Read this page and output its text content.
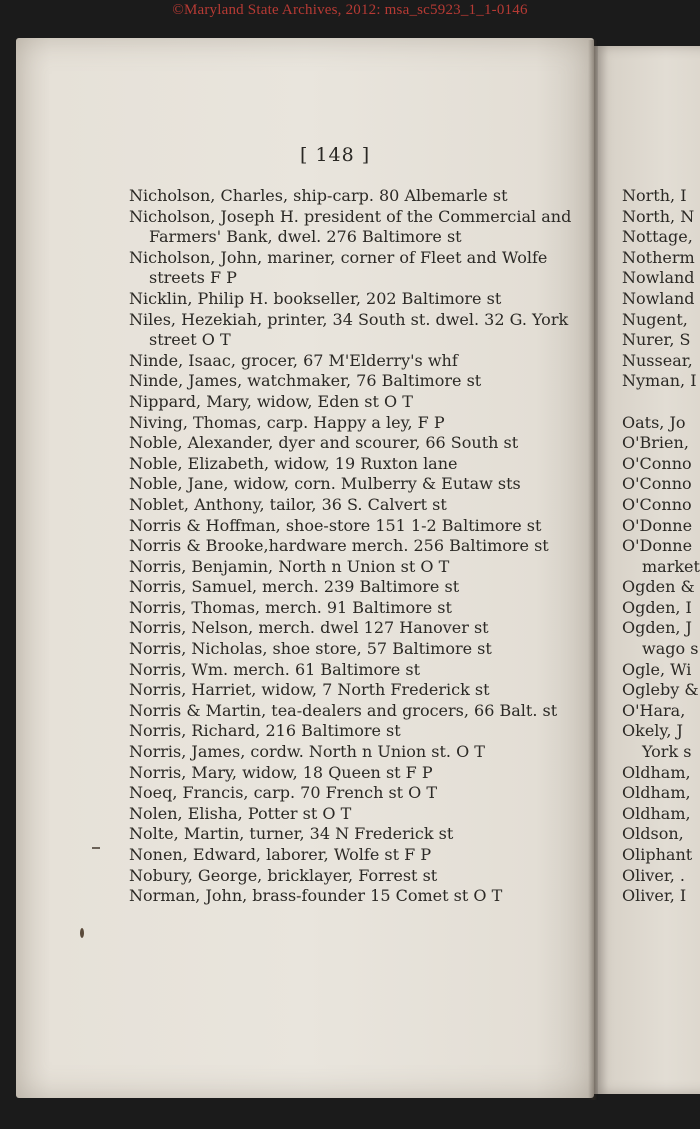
©Maryland State Archives, 2012: msa_sc5923_1_1-0146
[ 148 ]

Nicholson, Charles, ship-carp. 80 Albemarle st

Nicholson, Joseph H. president of the Commercial and Farmers' Bank, dwel. 276 Baltimore st

Nicholson, John, mariner, corner of Fleet and Wolfe streets F P

Nicklin, Philip H. bookseller, 202 Baltimore st

Niles, Hezekiah, printer, 34 South st. dwel. 32 G. York street O T

Ninde, Isaac, grocer, 67 M'Elderry's whf

Ninde, James, watchmaker, 76 Baltimore st

Nippard, Mary, widow, Eden st O T

Niving, Thomas, carp. Happy a ley, F P

Noble, Alexander, dyer and scourer, 66 South st

Noble, Elizabeth, widow, 19 Ruxton lane

Noble, Jane, widow, corn. Mulberry & Eutaw sts

Noblet, Anthony, tailor, 36 S. Calvert st

Norris & Hoffman, shoe-store 151 1-2 Baltimore st

Norris & Brooke,hardware merch. 256 Baltimore st

Norris, Benjamin, North n Union st O T

Norris, Samuel, merch. 239 Baltimore st

Norris, Thomas, merch. 91 Baltimore st

Norris, Nelson, merch. dwel 127 Hanover st

Norris, Nicholas, shoe store, 57 Baltimore st

Norris, Wm. merch. 61 Baltimore st

Norris, Harriet, widow, 7 North Frederick st

Norris & Martin, tea-dealers and grocers, 66 Balt. st

Norris, Richard, 216 Baltimore st

Norris, James, cordw. North n Union st. O T

Norris, Mary, widow, 18 Queen st F P

Noeq, Francis, carp. 70 French st O T

Nolen, Elisha, Potter st O T

Nolte, Martin, turner, 34 N Frederick st

Nonen, Edward, laborer, Wolfe st F P

Nobury, George, bricklayer, Forrest st

Norman, John, brass-founder 15 Comet st O T

North, I
North, N
Nottage,
Notherm
Nowland
Nowland
Nugent,
Nurer, S
Nussear,
Nyman, I
Oats, Jo
O'Brien,
O'Conno
O'Conno
O'Conno
O'Donne
O'Donne
market
Ogden &
Ogden, I
Ogden, J
wago s
Ogle, Wi
Ogleby &
O'Hara,
Okely, J
York s
Oldham,
Oldham,
Oldham,
Oldson,
Oliphant
Oliver, .
Oliver, I
